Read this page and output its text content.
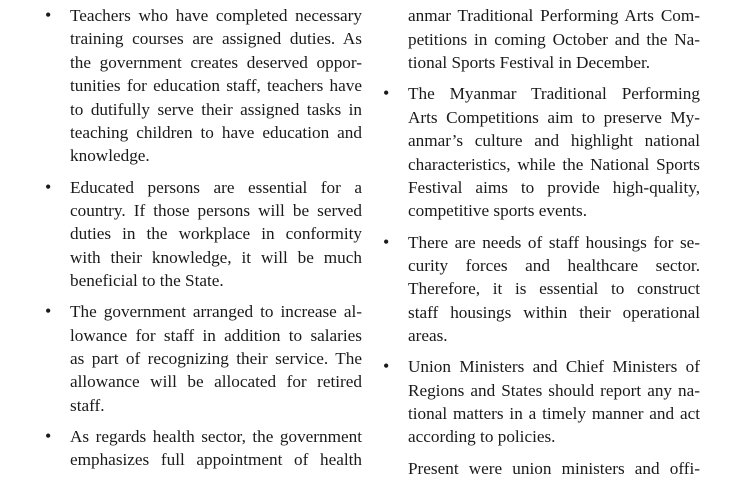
• Teachers who have completed necessary
training courses are assigned duties. As
the government creates deserved oppor-
tunities for education staff, teachers have
to dutifully serve their assigned tasks in
teaching children to have education and
knowledge.
• Educated persons are essential for a
country. If those persons will be served
duties in the workplace in conformity
with their knowledge, it will be much
beneficial to the State.
• The government arranged to increase al-
lowance for staff in addition to salaries
as part of recognizing their service. The
allowance will be allocated for retired
staff.
• As regards health sector, the government
emphasizes full appointment of health
anmar Traditional Performing Arts Com-
petitions in coming October and the Na-
tional Sports Festival in December.
• The Myanmar Traditional Performing
Arts Competitions aim to preserve My-
anmar’s culture and highlight national
characteristics, while the National Sports
Festival aims to provide high-quality,
competitive sports events.
• There are needs of staff housings for se-
curity forces and healthcare sector.
Therefore, it is essential to construct
staff housings within their operational
areas.
• Union Ministers and Chief Ministers of
Regions and States should report any na-
tional matters in a timely manner and act
according to policies.
Present were union ministers and offi-
